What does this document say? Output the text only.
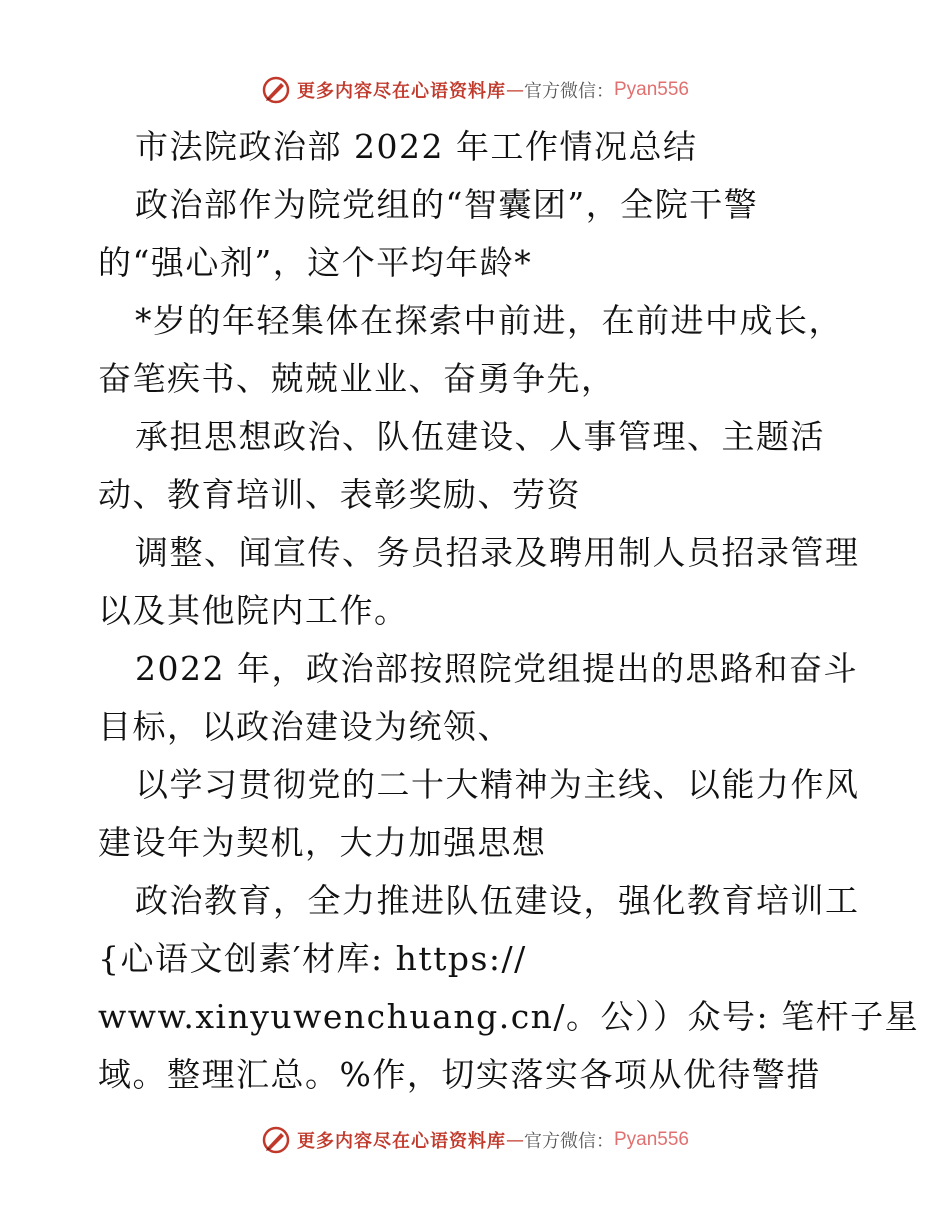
更多内容尽在心语资料库 — 官方微信： Pyan556
市法院政治部 2022 年工作情况总结
政治部作为院党组的“智囊团”，全院干警
的“强心剂”，这个平均年龄*
*岁的年轻集体在探索中前进，在前进中成长，
奋笔疾书、兢兢业业、奋勇争先，
承担思想政治、队伍建设、人事管理、主题活
动、教育培训、表彰奖励、劳资
调整、闻宣传、务员招录及聘用制人员招录管理
以及其他院内工作。
2022 年，政治部按照院党组提出的思路和奋斗
目标，以政治建设为统领、
以学习贯彻党的二十大精神为主线、以能力作风
建设年为契机，大力加强思想
政治教育，全力推进队伍建设，强化教育培训工
{心语文创素′材库: https://
www.xinyuwenchuang.cn/。公））众号: 笔杆子星
域。整理汇总。%作，切实落实各项从优待警措
更多内容尽在心语资料库 — 官方微信： Pyan556
